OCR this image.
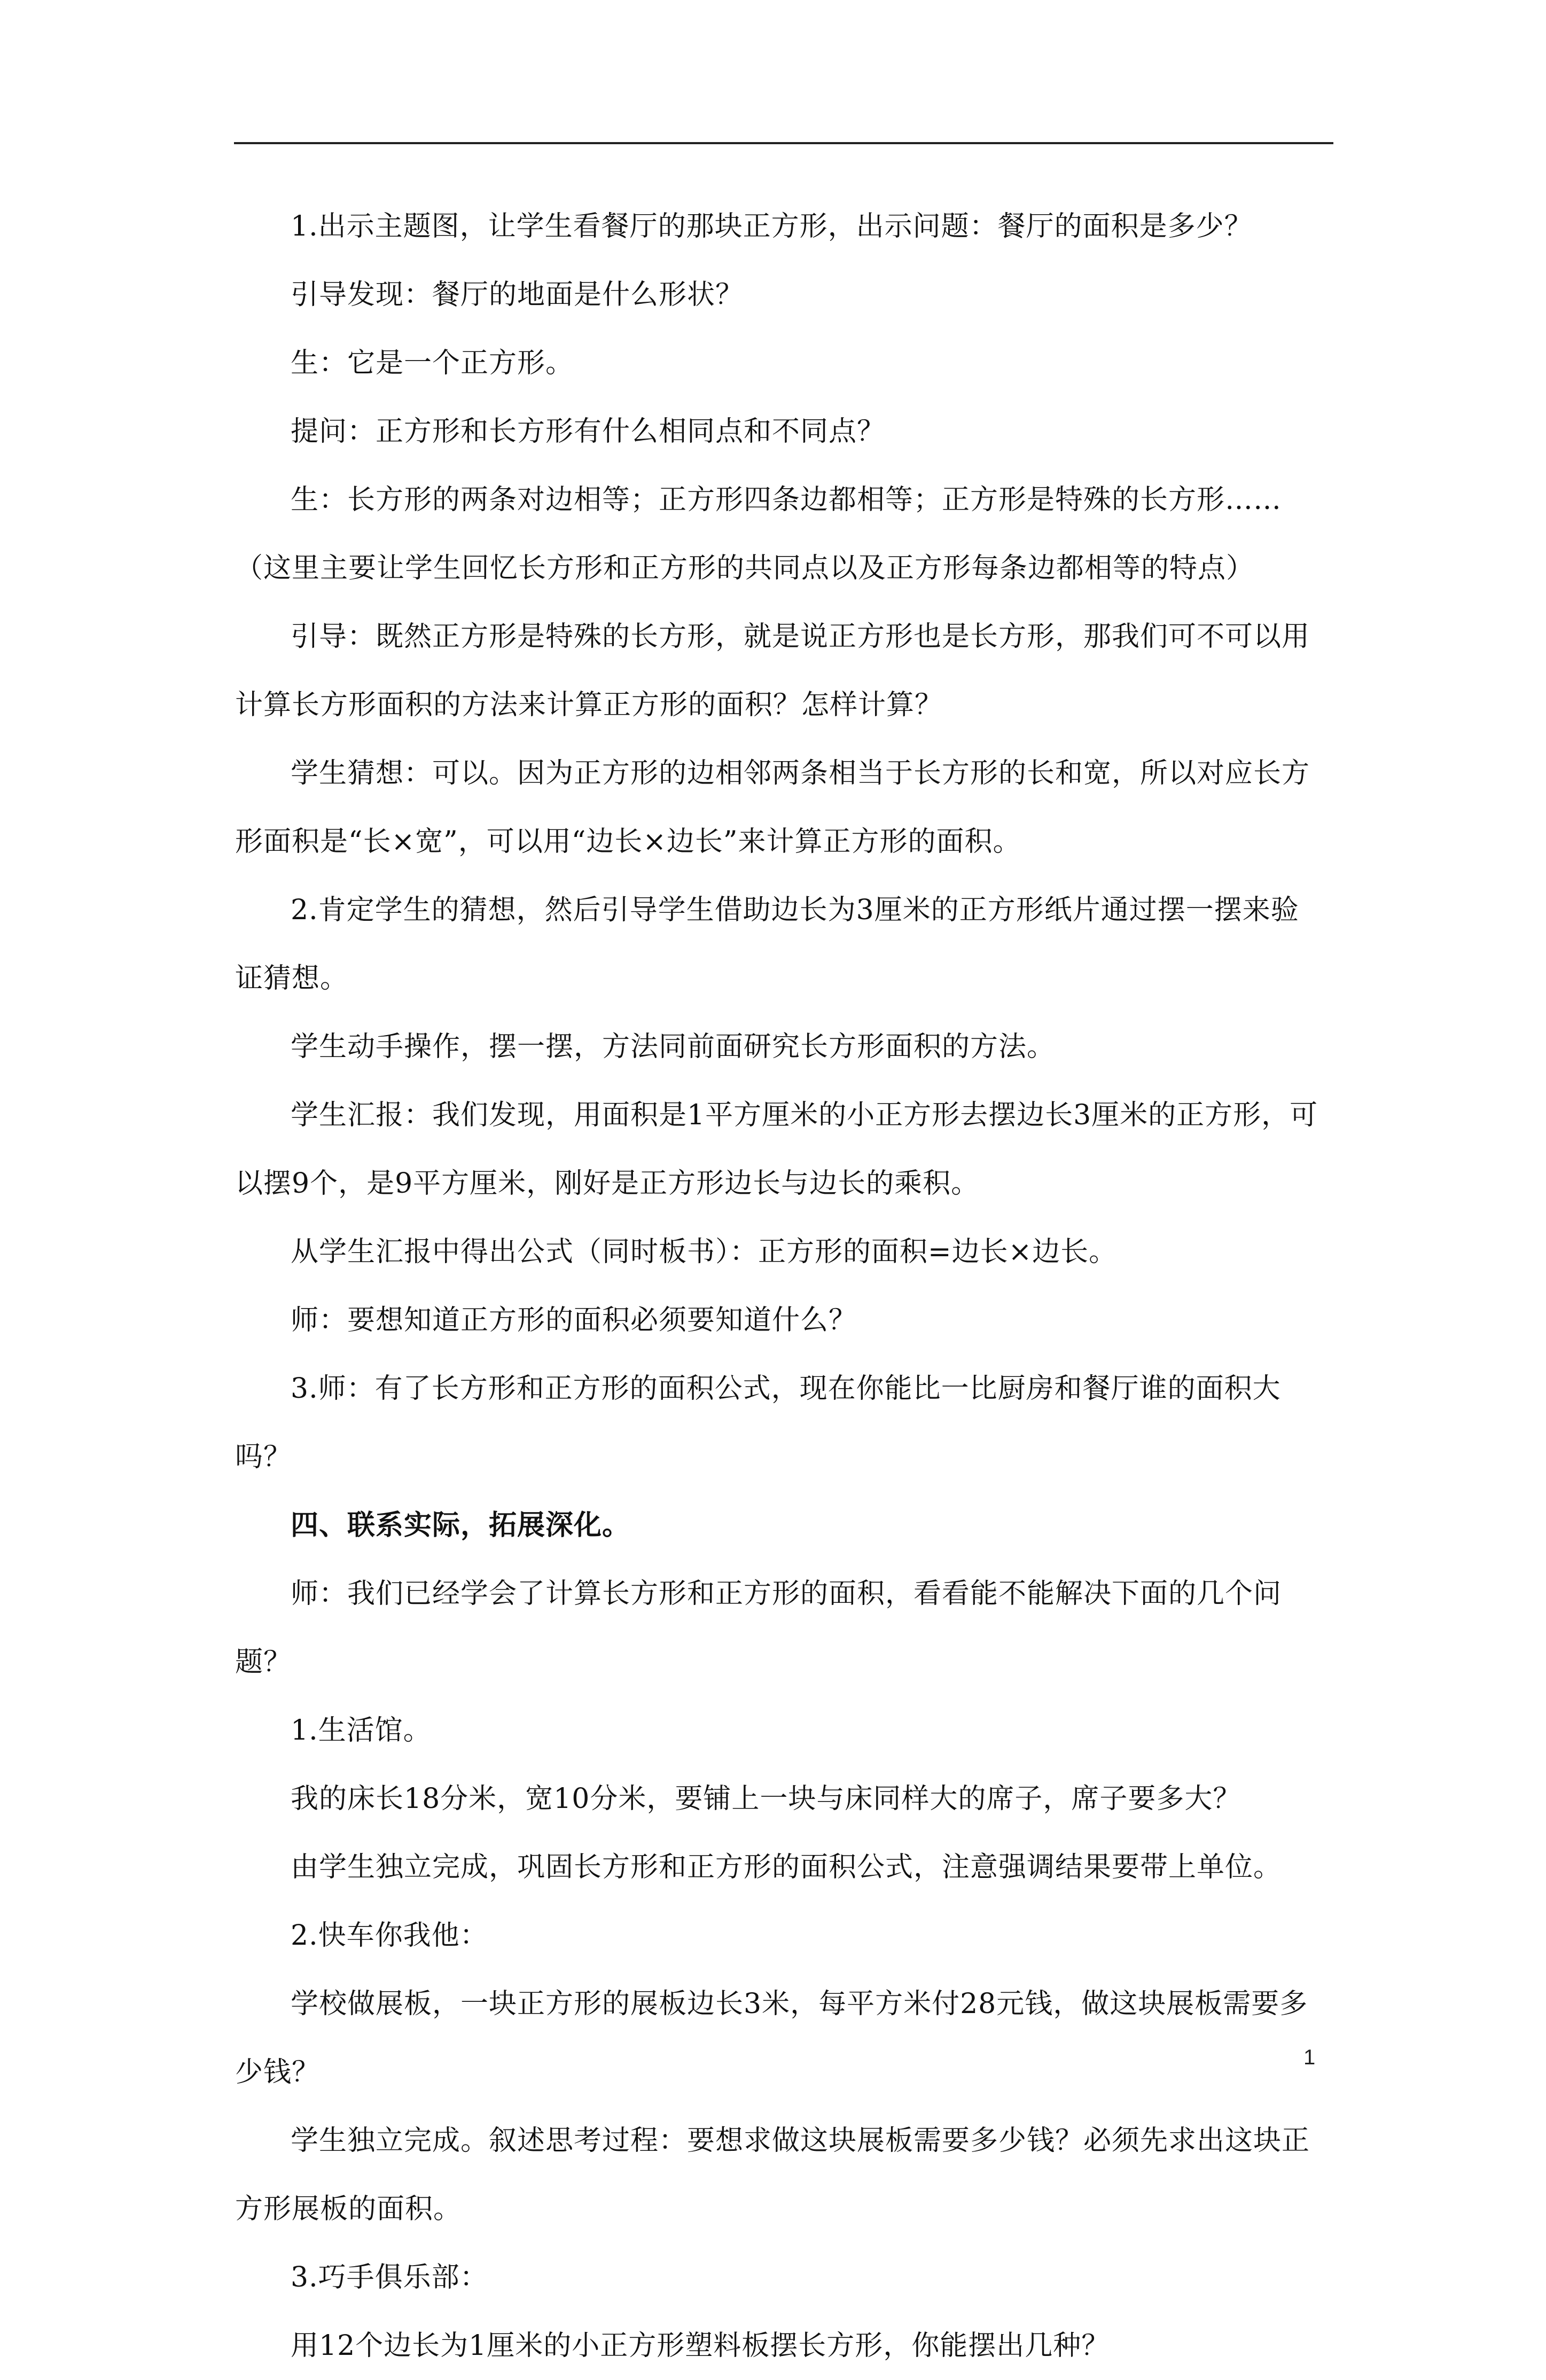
1.出示主题图，让学生看餐厅的那块正方形，出示问题：餐厅的面积是多少？

引导发现：餐厅的地面是什么形状？

生：它是一个正方形。

提问：正方形和长方形有什么相同点和不同点？

生：长方形的两条对边相等；正方形四条边都相等；正方形是特殊的长方形……（这里主要让学生回忆长方形和正方形的共同点以及正方形每条边都相等的特点）

引导：既然正方形是特殊的长方形，就是说正方形也是长方形，那我们可不可以用计算长方形面积的方法来计算正方形的面积？怎样计算？

学生猜想：可以。因为正方形的边相邻两条相当于长方形的长和宽，所以对应长方形面积是“长×宽”，可以用“边长×边长”来计算正方形的面积。

2.肯定学生的猜想，然后引导学生借助边长为3厘米的正方形纸片通过摆一摆来验证猜想。

学生动手操作，摆一摆，方法同前面研究长方形面积的方法。

学生汇报：我们发现，用面积是1平方厘米的小正方形去摆边长3厘米的正方形，可以摆9个，是9平方厘米，刚好是正方形边长与边长的乘积。

从学生汇报中得出公式（同时板书）：正方形的面积=边长×边长。

师：要想知道正方形的面积必须要知道什么？

3.师：有了长方形和正方形的面积公式，现在你能比一比厨房和餐厅谁的面积大吗？

四、联系实际，拓展深化。

师：我们已经学会了计算长方形和正方形的面积，看看能不能解决下面的几个问题？

1.生活馆。

我的床长18分米，宽10分米，要铺上一块与床同样大的席子，席子要多大？

由学生独立完成，巩固长方形和正方形的面积公式，注意强调结果要带上单位。

2.快车你我他：

学校做展板，一块正方形的展板边长3米，每平方米付28元钱，做这块展板需要多少钱？

学生独立完成。叙述思考过程：要想求做这块展板需要多少钱？必须先求出这块正方形展板的面积。

3.巧手俱乐部：

用12个边长为1厘米的小正方形塑料板摆长方形，你能摆出几种？

1
